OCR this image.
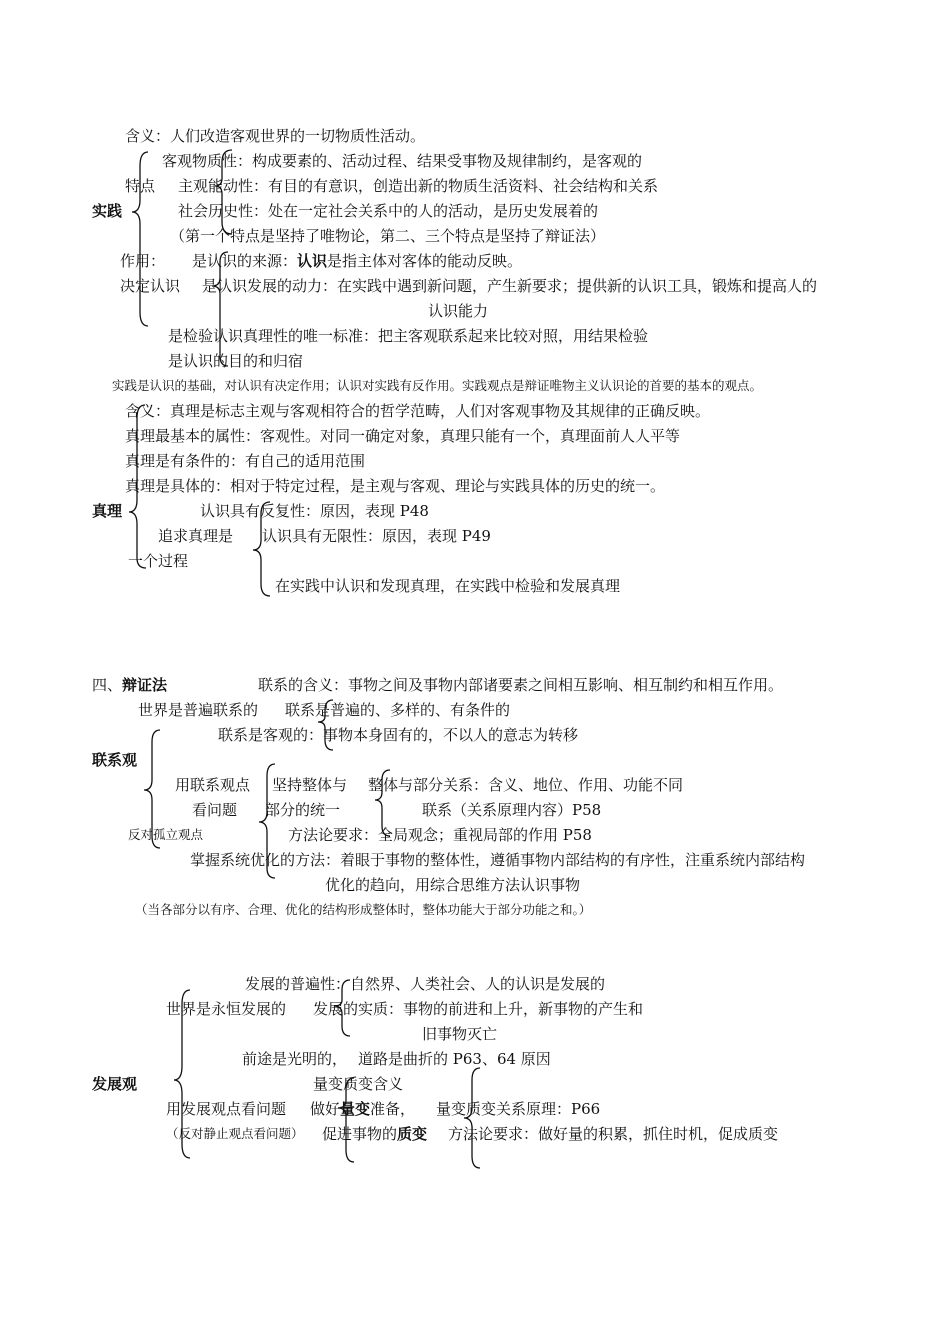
含义：人们改造客观世界的一切物质性活动。
客观物质性：构成要素的、活动过程、结果受事物及规律制约，是客观的
特点 主观能动性：有目的有意识，创造出新的物质生活资料、社会结构和关系
实践	社会历史性：处在一定社会关系中的人的活动，是历史发展着的
（第一个特点是坚持了唯物论，第二、三个特点是坚持了辩证法）
作用： 是认识的来源：认识是指主体对客体的能动反映。
决定认识 是认识发展的动力：在实践中遇到新问题，产生新要求；提供新的认识工具，锻炼和提高人的
认识能力
是检验认识真理性的唯一标准：把主客观联系起来比较对照，用结果检验
是认识的目的和归宿
实践是认识的基础，对认识有决定作用；认识对实践有反作用。实践观点是辩证唯物主义认识论的首要的基本的观点。
含义：真理是标志主观与客观相符合的哲学范畴，人们对客观事物及其规律的正确反映。
真理最基本的属性：客观性。对同一确定对象，真理只能有一个，真理面前人人平等
真理是有条件的：有自己的适用范围
真理是具体的：相对于特定过程，是主观与客观、理论与实践具体的历史的统一。
真理	认识具有反复性：原因，表现 P48
追求真理是 认识具有无限性：原因，表现 P49
一个过程
在实践中认识和发现真理，在实践中检验和发展真理
四、辩证法	联系的含义：事物之间及事物内部诸要素之间相互影响、相互制约和相互作用。
世界是普遍联系的 联系是普遍的、多样的、有条件的
联系是客观的：事物本身固有的，不以人的意志为转移
联系观
用联系观点 坚持整体与 整体与部分关系：含义、地位、作用、功能不同
看问题 部分的统一	联系（关系原理内容）P58
反对孤立观点	方法论要求：全局观念；重视局部的作用 P58
掌握系统优化的方法：着眼于事物的整体性，遵循事物内部结构的有序性，注重系统内部结构
优化的趋向，用综合思维方法认识事物
（当各部分以有序、合理、优化的结构形成整体时，整体功能大于部分功能之和。）
发展的普遍性：自然界、人类社会、人的认识是发展的
世界是永恒发展的 发展的实质：事物的前进和上升，新事物的产生和
旧事物灭亡
前途是光明的， 道路是曲折的 P63、64 原因
量变质变含义
发展观
用发展观点看问题 做好量变准备， 量变质变关系原理：P66
（反对静止观点看问题） 促进事物的质变 方法论要求：做好量的积累，抓住时机，促成质变
